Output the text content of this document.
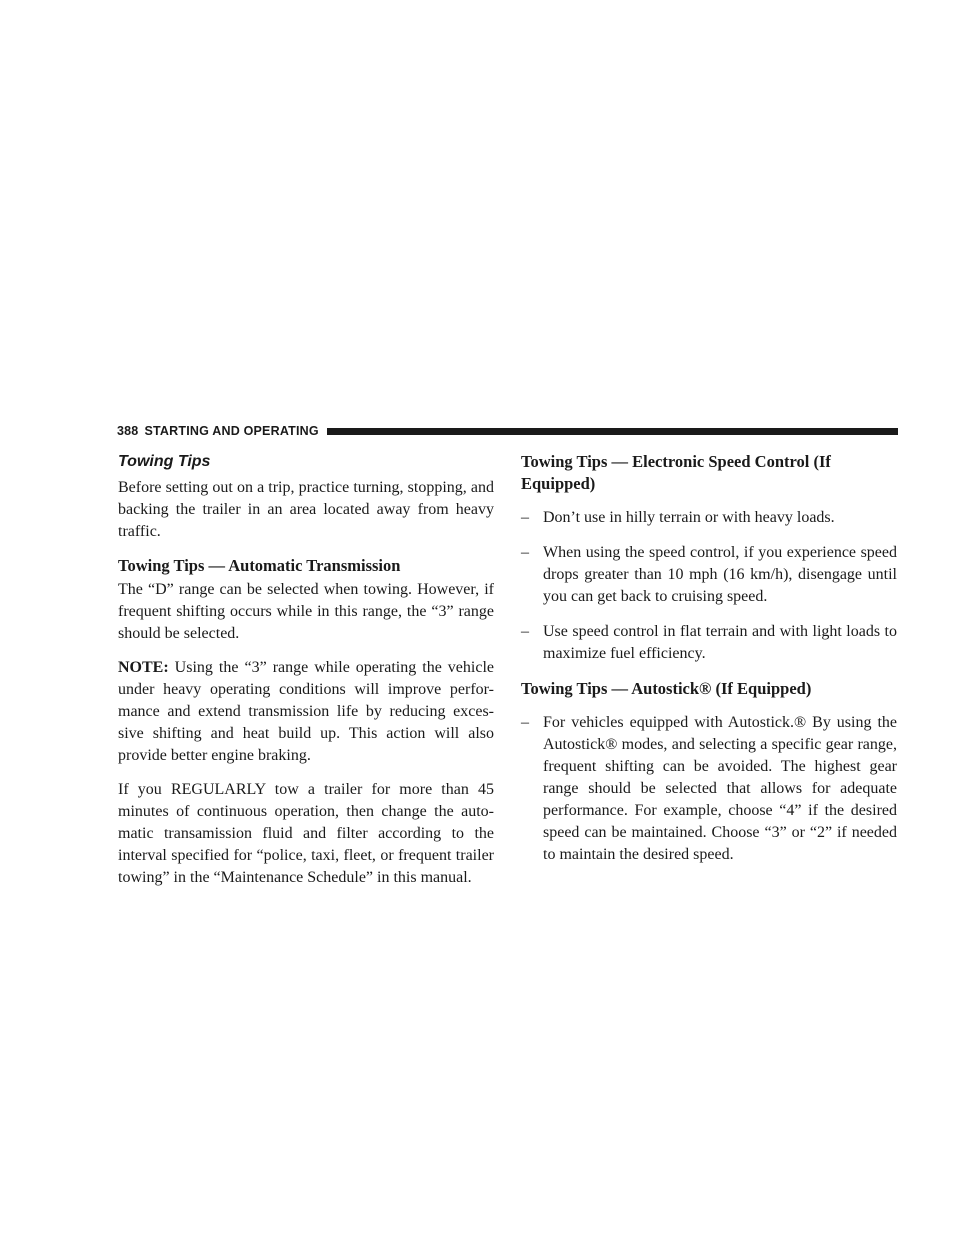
388 STARTING AND OPERATING
Towing Tips

Before setting out on a trip, practice turning, stopping, and backing the trailer in an area located away from heavy traffic.

Towing Tips — Automatic Transmission

The “D” range can be selected when towing. However, if frequent shifting occurs while in this range, the “3” range should be selected.

NOTE: Using the “3” range while operating the vehicle under heavy operating conditions will improve perfor-mance and extend transmission life by reducing exces-sive shifting and heat build up. This action will also provide better engine braking.

If you REGULARLY tow a trailer for more than 45 minutes of continuous operation, then change the auto-matic transamission fluid and filter according to the interval specified for “police, taxi, fleet, or frequent trailer towing” in the “Maintenance Schedule” in this manual.

Towing Tips — Electronic Speed Control (If Equipped)
– Don’t use in hilly terrain or with heavy loads.
– When using the speed control, if you experience speed drops greater than 10 mph (16 km/h), disengage until you can get back to cruising speed.
– Use speed control in flat terrain and with light loads to maximize fuel efficiency.
Towing Tips — Autostick® (If Equipped)
– For vehicles equipped with Autostick.® By using the Autostick® modes, and selecting a specific gear range, frequent shifting can be avoided. The highest gear range should be selected that allows for adequate performance. For example, choose “4” if the desired speed can be maintained. Choose “3” or “2” if needed to maintain the desired speed.
